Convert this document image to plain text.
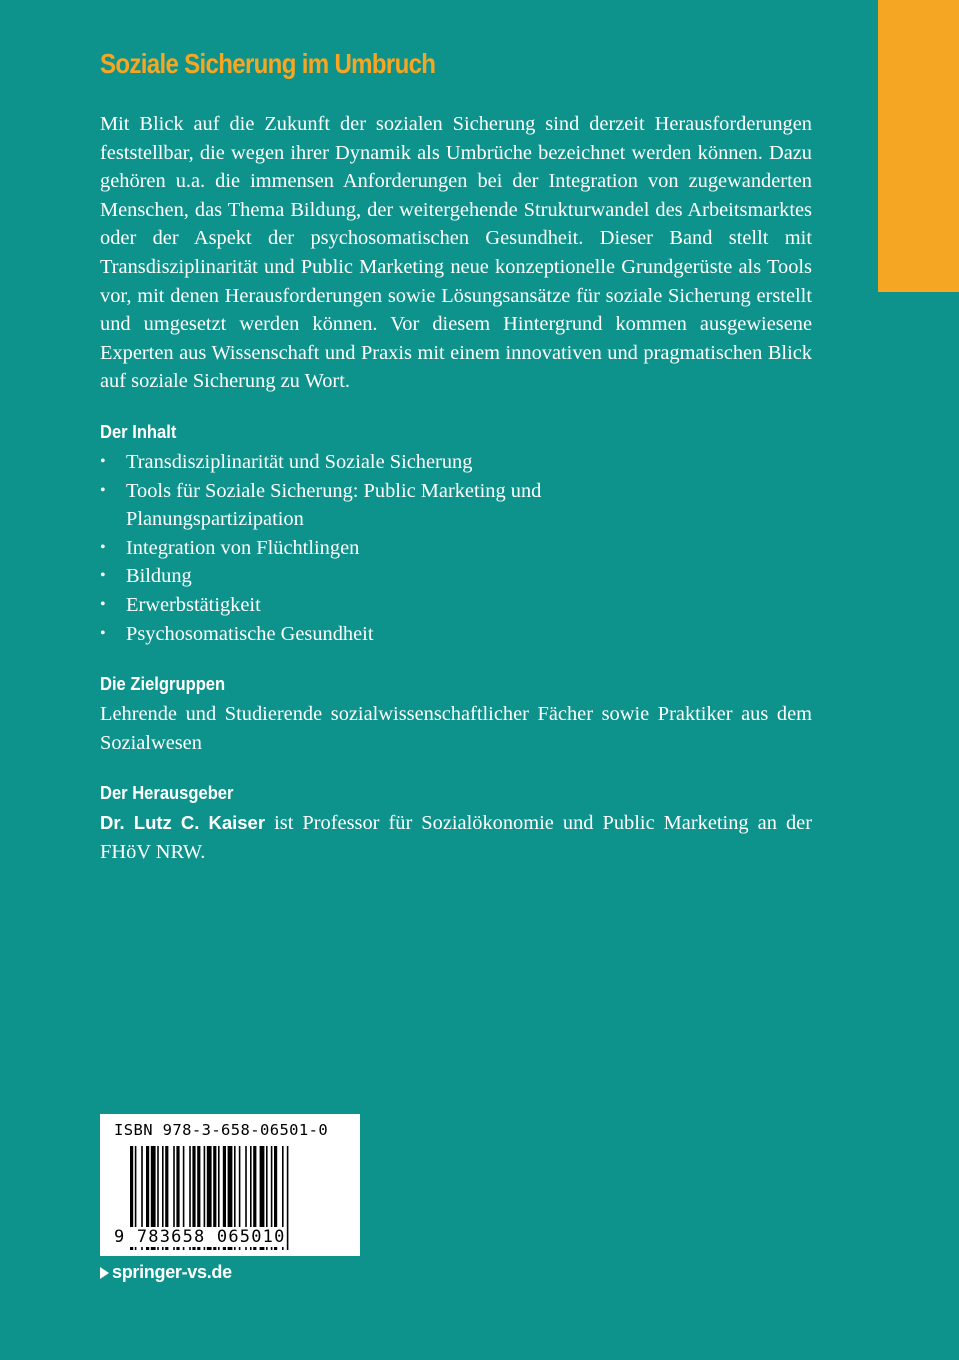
Soziale Sicherung im Umbruch

Mit Blick auf die Zukunft der sozialen Sicherung sind derzeit Herausforderungen feststellbar, die wegen ihrer Dynamik als Umbrüche bezeichnet werden können. Dazu gehören u.a. die immensen Anforderungen bei der Integration von zugewanderten Menschen, das Thema Bildung, der weitergehende Strukturwandel des Arbeitsmarktes oder der Aspekt der psychosomatischen Gesundheit. Dieser Band stellt mit Transdisziplinarität und Public Marketing neue konzeptionelle Grundgerüste als Tools vor, mit denen Herausforderungen sowie Lösungsansätze für soziale Sicherung erstellt und umgesetzt werden können. Vor diesem Hintergrund kommen ausgewiesene Experten aus Wissenschaft und Praxis mit einem innovativen und pragmatischen Blick auf soziale Sicherung zu Wort.

Der Inhalt
• Transdisziplinarität und Soziale Sicherung
• Tools für Soziale Sicherung: Public Marketing und Planungspartizipation
• Integration von Flüchtlingen
• Bildung
• Erwerbstätigkeit
• Psychosomatische Gesundheit
Die Zielgruppen

Lehrende und Studierende sozialwissenschaftlicher Fächer sowie Praktiker aus dem Sozialwesen

Der Herausgeber

Dr. Lutz C. Kaiser ist Professor für Sozialökonomie und Public Marketing an der FHöV NRW.

ISBN 978-3-658-06501-0
9 783658 065010
springer-vs.de
